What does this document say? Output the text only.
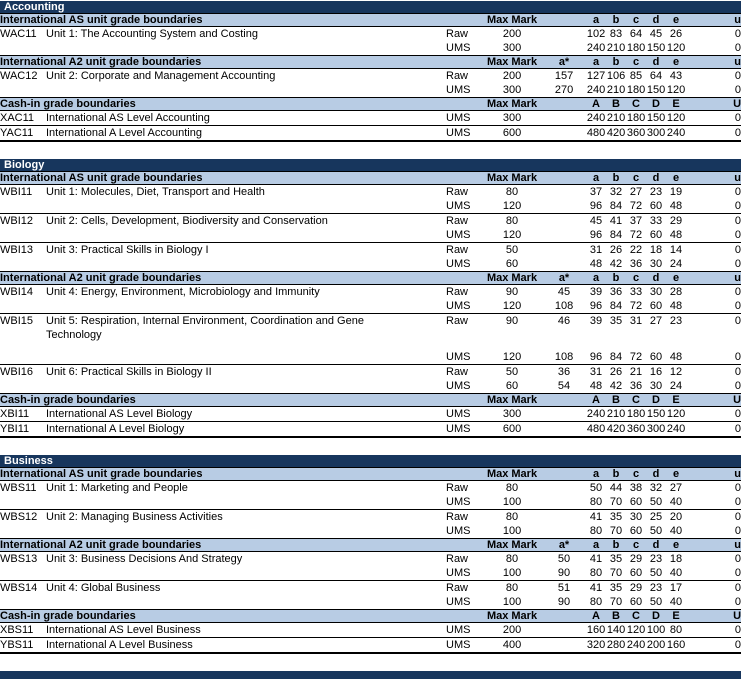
Accounting
International AS unit grade boundaries			Max Mark		a	b	c	d	e	u
WAC11	Unit 1: The Accounting System and Costing	Raw	200		102	83	64	45	26	0
		UMS	300		240	210	180	150	120	0
International A2 unit grade boundaries			Max Mark	a*	a	b	c	d	e	u
WAC12	Unit 2: Corporate and Management Accounting	Raw	200	157	127	106	85	64	43	0
		UMS	300	270	240	210	180	150	120	0
Cash-in grade boundaries			Max Mark		A	B	C	D	E	U
XAC11	International AS Level Accounting	UMS	300		240	210	180	150	120	0
YAC11	International A Level Accounting	UMS	600		480	420	360	300	240	0
Biology
International AS unit grade boundaries			Max Mark		a	b	c	d	e	u
WBI11	Unit 1: Molecules, Diet, Transport and Health	Raw	80		37	32	27	23	19	0
		UMS	120		96	84	72	60	48	0
WBI12	Unit 2: Cells, Development, Biodiversity and Conservation	Raw	80		45	41	37	33	29	0
		UMS	120		96	84	72	60	48	0
WBI13	Unit 3: Practical Skills in Biology I	Raw	50		31	26	22	18	14	0
		UMS	60		48	42	36	30	24	0
International A2 unit grade boundaries			Max Mark	a*	a	b	c	d	e	u
WBI14	Unit 4: Energy, Environment, Microbiology and Immunity	Raw	90	45	39	36	33	30	28	0
		UMS	120	108	96	84	72	60	48	0
WBI15	Unit 5: Respiration, Internal Environment, Coordination and Gene
Technology	Raw	90	46	39	35	31	27	23	0

		UMS	120	108	96	84	72	60	48	0
WBI16	Unit 6: Practical Skills in Biology II	Raw	50	36	31	26	21	16	12	0
		UMS	60	54	48	42	36	30	24	0
Cash-in grade boundaries			Max Mark		A	B	C	D	E	U
XBI11	International AS Level Biology	UMS	300		240	210	180	150	120	0
YBI11	International A Level Biology	UMS	600		480	420	360	300	240	0
Business
International AS unit grade boundaries			Max Mark		a	b	c	d	e	u
WBS11	Unit 1: Marketing and People	Raw	80		50	44	38	32	27	0
		UMS	100		80	70	60	50	40	0
WBS12	Unit 2: Managing Business Activities	Raw	80		41	35	30	25	20	0
		UMS	100		80	70	60	50	40	0
International A2 unit grade boundaries			Max Mark	a*	a	b	c	d	e	u
WBS13	Unit 3: Business Decisions And Strategy	Raw	80	50	41	35	29	23	18	0
		UMS	100	90	80	70	60	50	40	0
WBS14	Unit 4: Global Business	Raw	80	51	41	35	29	23	17	0
		UMS	100	90	80	70	60	50	40	0
Cash-in grade boundaries			Max Mark		A	B	C	D	E	U
XBS11	International AS Level Business	UMS	200		160	140	120	100	80	0
YBS11	International A Level Business	UMS	400		320	280	240	200	160	0
